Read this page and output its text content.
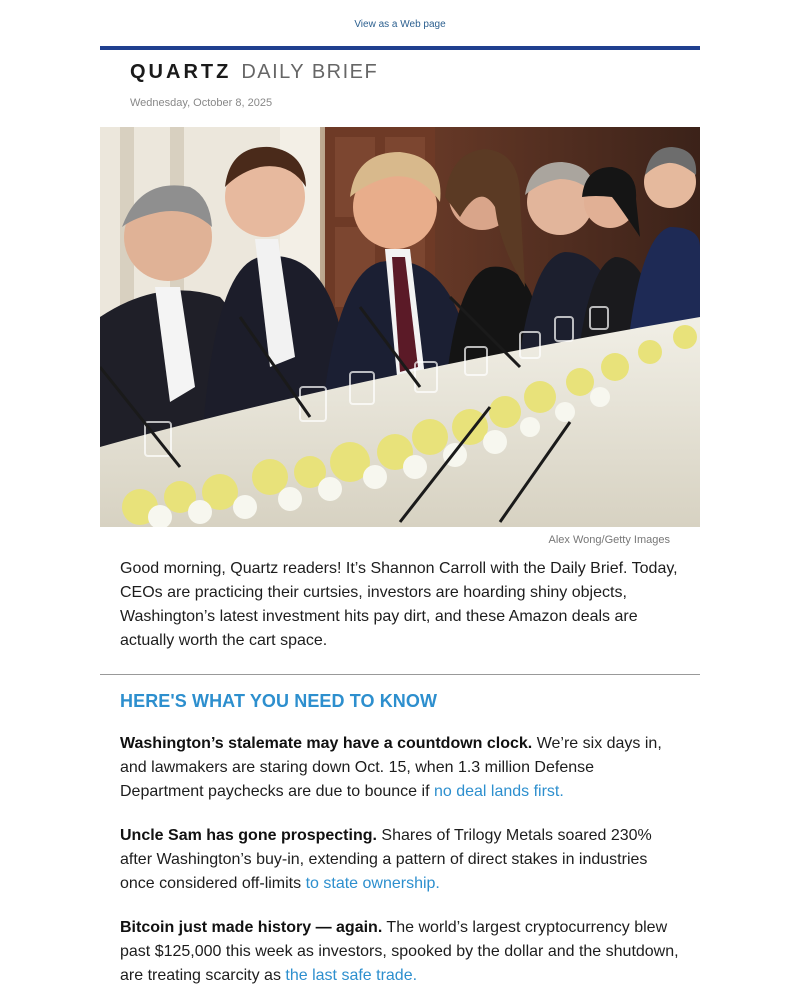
View as a Web page
QUARTZ DAILY BRIEF
Wednesday, October 8, 2025
Alex Wong/Getty Images

Good morning, Quartz readers! It’s Shannon Carroll with the Daily Brief. Today, CEOs are practicing their curtsies, investors are hoarding shiny objects, Washington’s latest investment hits pay dirt, and these Amazon deals are actually worth the cart space.

HERE'S WHAT YOU NEED TO KNOW

Washington’s stalemate may have a countdown clock. We’re six days in, and lawmakers are staring down Oct. 15, when 1.3 million Defense Department paychecks are due to bounce if no deal lands first.

Uncle Sam has gone prospecting. Shares of Trilogy Metals soared 230% after Washington’s buy-in, extending a pattern of direct stakes in industries once considered off-limits to state ownership.

Bitcoin just made history — again. The world’s largest cryptocurrency blew past $125,000 this week as investors, spooked by the dollar and the shutdown, are treating scarcity as the last safe trade.
